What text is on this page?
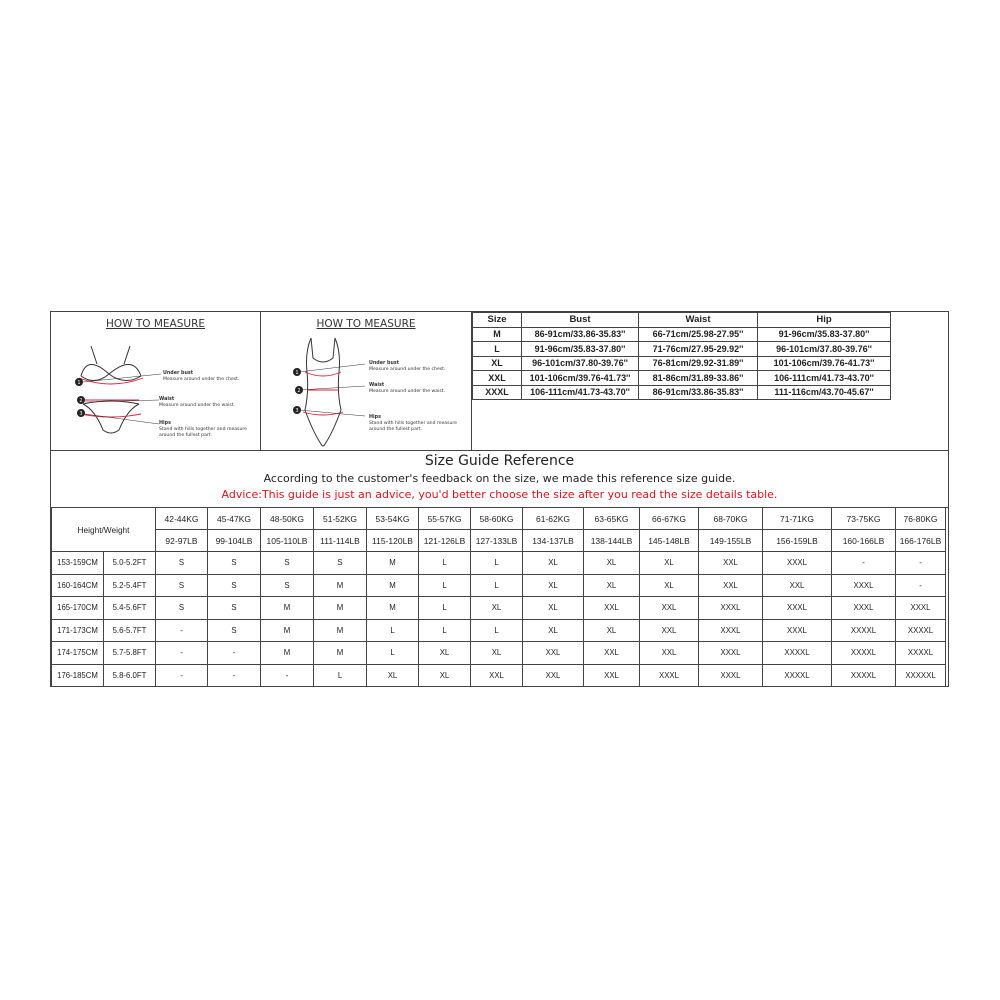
HOW TO MEASURE
1
2
3
Under bust
Measure around under the chest.
Waist
Measure around under the waist.
Hips
Stand with hills together and measure
around the fullest part.
HOW TO MEASURE
1
2
3
Under bust
Measure around under the chest.
Waist
Measure around under the waist.
Hips
Stand with hills together and measure
around the fullest part.
Size	Bust	Waist	Hip
M	86-91cm/33.86-35.83''	66-71cm/25.98-27.95''	91-96cm/35.83-37.80''
L	91-96cm/35.83-37.80''	71-76cm/27.95-29.92''	96-101cm/37.80-39.76''
XL	96-101cm/37.80-39.76''	76-81cm/29.92-31.89''	101-106cm/39.76-41.73''
XXL	101-106cm/39.76-41.73''	81-86cm/31.89-33.86''	106-111cm/41.73-43.70''
XXXL	106-111cm/41.73-43.70''	86-91cm/33.86-35.83''	111-116cm/43.70-45.67''
Size Guide Reference
According to the customer's feedback on the size, we made this reference size guide.
Advice:This guide is just an advice, you'd better choose the size after you read the size details table.
Height/Weight		42-44KG	45-47KG	48-50KG	51-52KG	53-54KG	55-57KG	58-60KG	61-62KG	63-65KG	66-67KG	68-70KG	71-71KG	73-75KG	76-80KG
		92-97LB	99-104LB	105-110LB	111-114LB	115-120LB	121-126LB	127-133LB	134-137LB	138-144LB	145-148LB	149-155LB	156-159LB	160-166LB	166-176LB
153-159CM	5.0-5.2FT	S	S	S	S	M	L	L	XL	XL	XL	XXL	XXXL	-	-
160-164CM	5.2-5.4FT	S	S	S	M	M	L	L	XL	XL	XL	XXL	XXL	XXXL	-
165-170CM	5.4-5.6FT	S	S	M	M	M	L	XL	XL	XXL	XXL	XXXL	XXXL	XXXL	XXXL
171-173CM	5.6-5.7FT	-	S	M	M	L	L	L	XL	XL	XXL	XXXL	XXXL	XXXXL	XXXXL
174-175CM	5.7-5.8FT	-	-	M	M	L	XL	XL	XXL	XXL	XXL	XXXL	XXXXL	XXXXL	XXXXL
176-185CM	5.8-6.0FT	-	-	-	L	XL	XL	XXL	XXL	XXL	XXXL	XXXL	XXXXL	XXXXL	XXXXXL
